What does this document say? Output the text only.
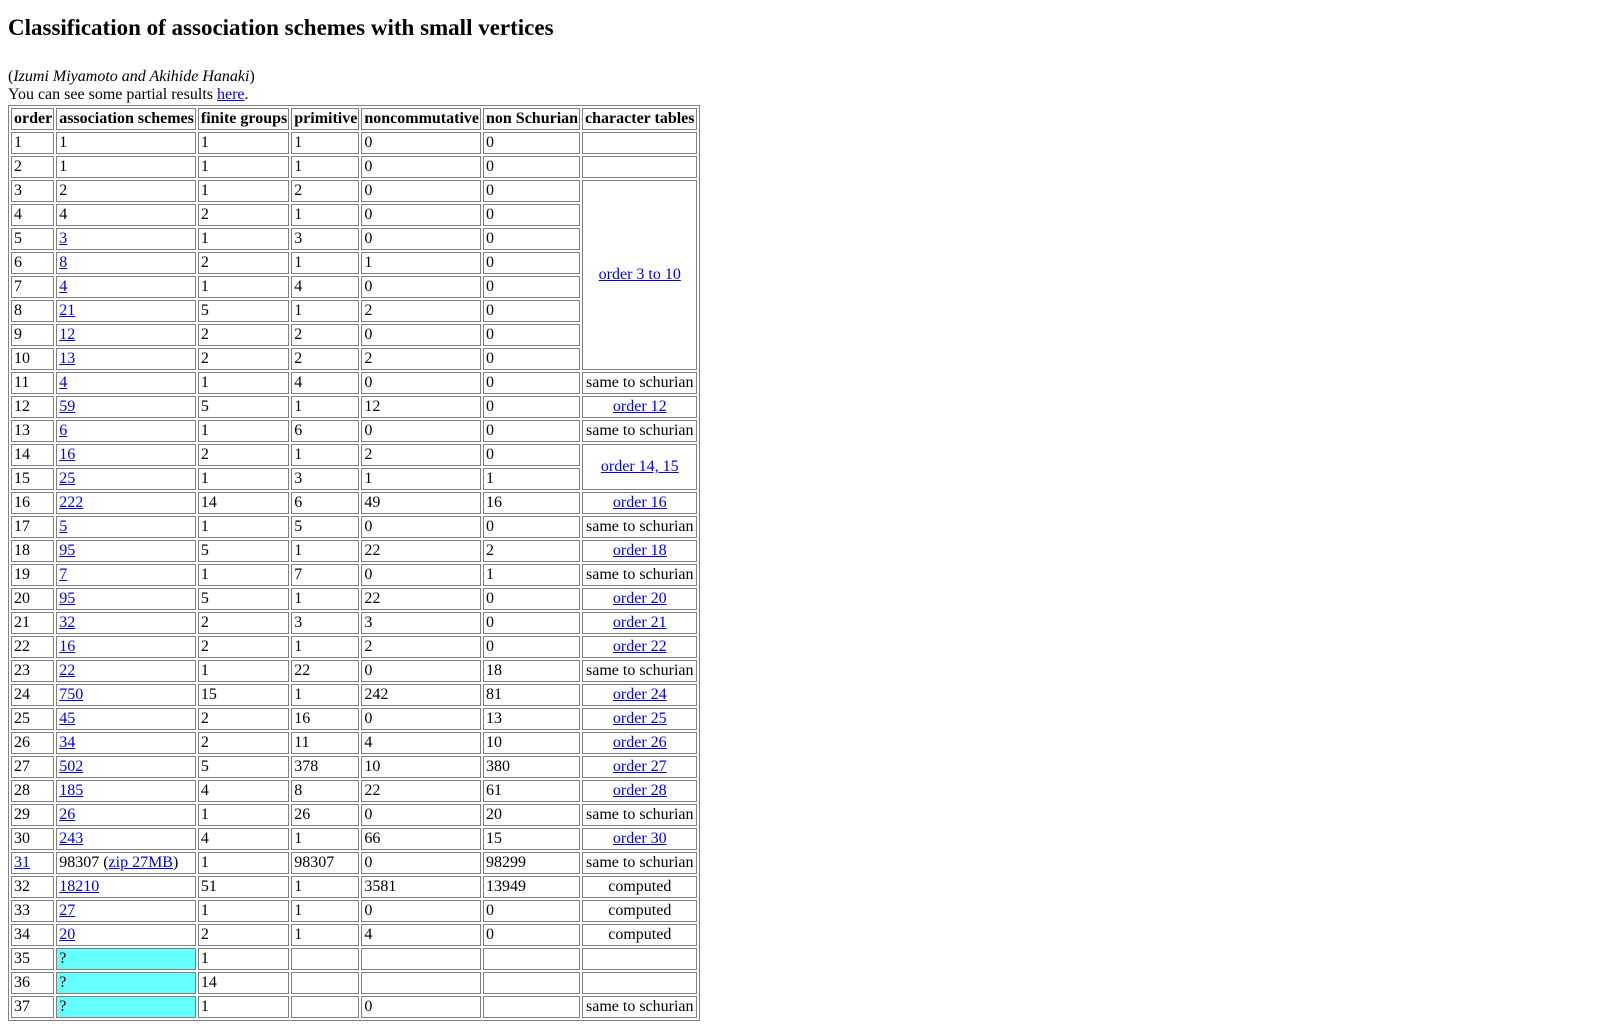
Classification of association schemes with small vertices

(Izumi Miyamoto and Akihide Hanaki)

You can see some partial results here.

order	association schemes	finite groups	primitive	noncommutative	non Schurian	character tables
1	1	1	1	0	0	
2	1	1	1	0	0	
3	2	1	2	0	0	order 3 to 10
4	4	2	1	0	0	
5	3	1	3	0	0	
6	8	2	1	1	0	
7	4	1	4	0	0	
8	21	5	1	2	0	
9	12	2	2	0	0	
10	13	2	2	2	0	
11	4	1	4	0	0	same to schurian
12	59	5	1	12	0	order 12
13	6	1	6	0	0	same to schurian
14	16	2	1	2	0	order 14, 15
15	25	1	3	1	1	
16	222	14	6	49	16	order 16
17	5	1	5	0	0	same to schurian
18	95	5	1	22	2	order 18
19	7	1	7	0	1	same to schurian
20	95	5	1	22	0	order 20
21	32	2	3	3	0	order 21
22	16	2	1	2	0	order 22
23	22	1	22	0	18	same to schurian
24	750	15	1	242	81	order 24
25	45	2	16	0	13	order 25
26	34	2	11	4	10	order 26
27	502	5	378	10	380	order 27
28	185	4	8	22	61	order 28
29	26	1	26	0	20	same to schurian
30	243	4	1	66	15	order 30
31	98307 (zip 27MB)	1	98307	0	98299	same to schurian
32	18210	51	1	3581	13949	computed
33	27	1	1	0	0	computed
34	20	2	1	4	0	computed
35	?	1				
36	?	14				
37	?	1		0		same to schurian
